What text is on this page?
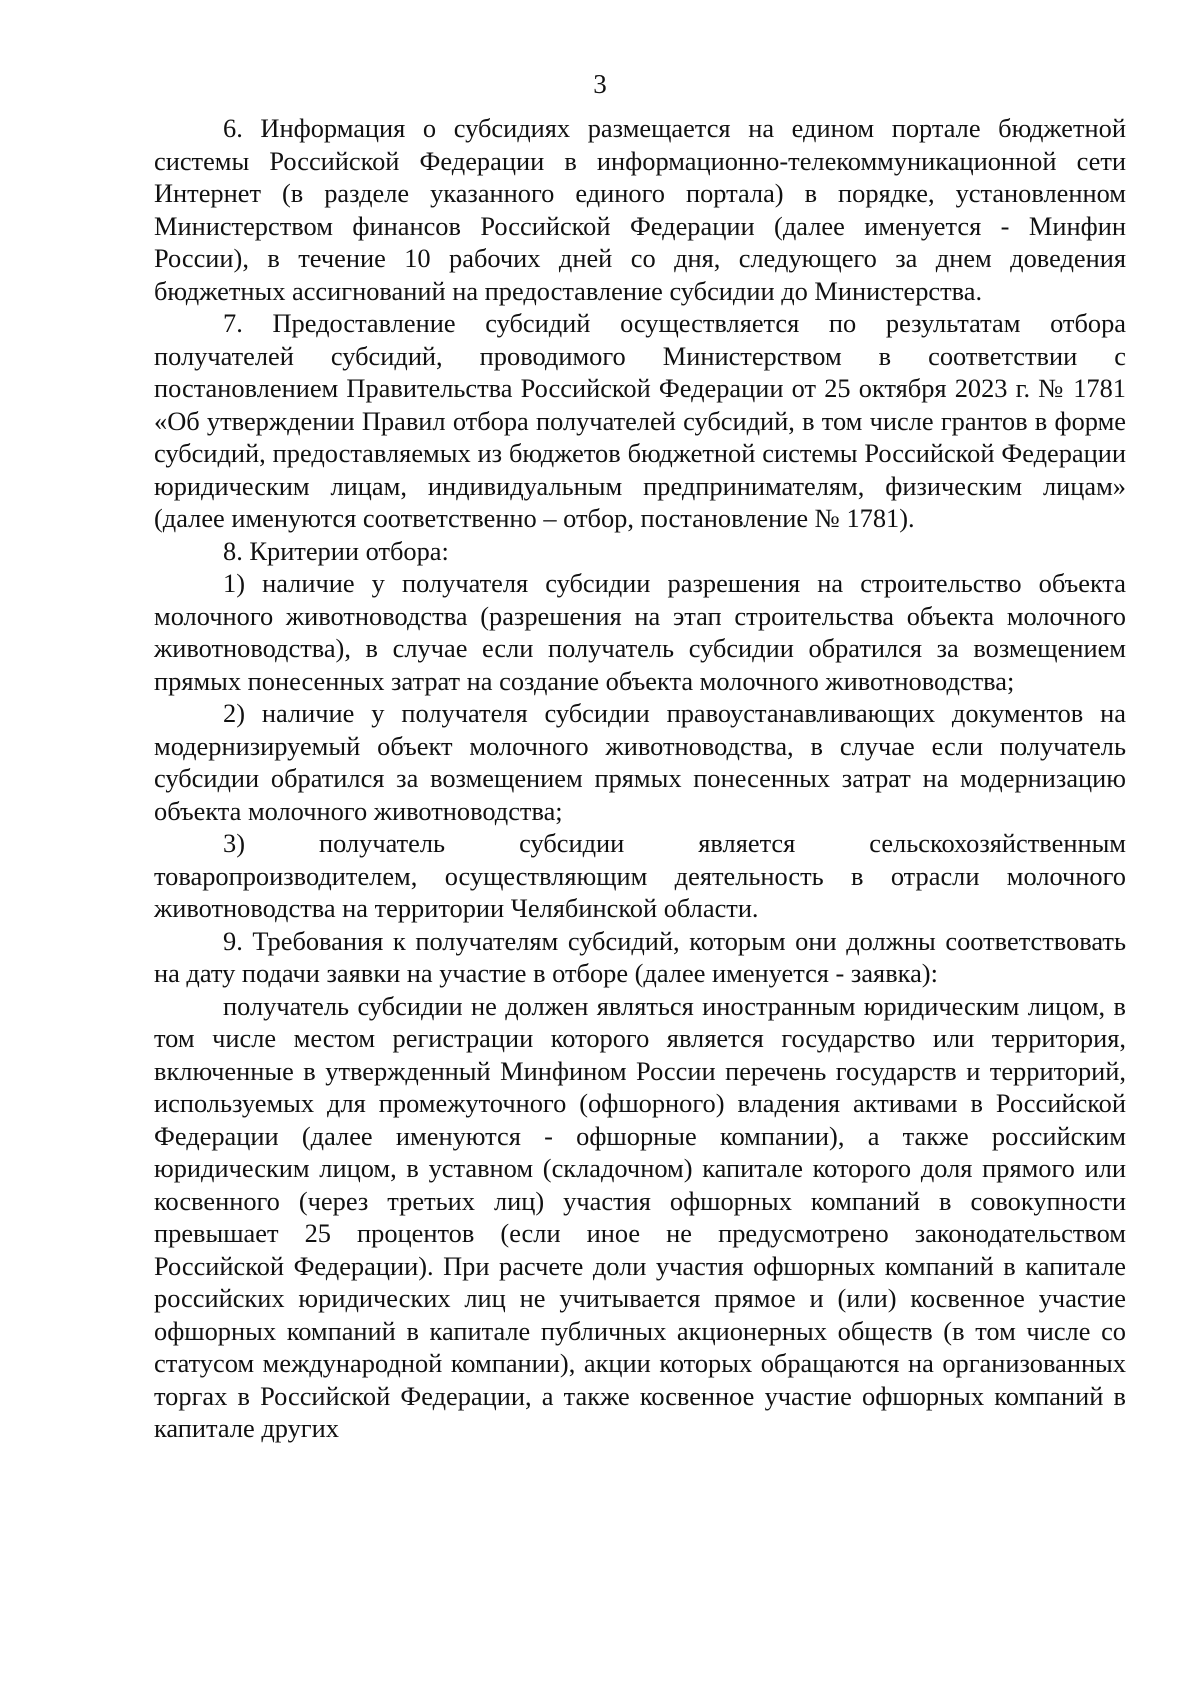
3

6. Информация о субсидиях размещается на едином портале бюджетной системы Российской Федерации в информационно-телекоммуникационной сети Интернет (в разделе указанного единого портала) в порядке, установленном Министерством финансов Российской Федерации (далее именуется - Минфин России), в течение 10 рабочих дней со дня, следующего за днем доведения бюджетных ассигнований на предоставление субсидии до Министерства.

7. Предоставление субсидий осуществляется по результатам отбора получателей субсидий, проводимого Министерством в соответствии с постановлением Правительства Российской Федерации от 25 октября 2023 г. № 1781 «Об утверждении Правил отбора получателей субсидий, в том числе грантов в форме субсидий, предоставляемых из бюджетов бюджетной системы Российской Федерации юридическим лицам, индивидуальным предпринимателям, физическим лицам» (далее именуются соответственно – отбор, постановление № 1781).

8. Критерии отбора:

1) наличие у получателя субсидии разрешения на строительство объекта молочного животноводства (разрешения на этап строительства объекта молочного животноводства), в случае если получатель субсидии обратился за возмещением прямых понесенных затрат на создание объекта молочного животноводства;

2) наличие у получателя субсидии правоустанавливающих документов на модернизируемый объект молочного животноводства, в случае если получатель субсидии обратился за возмещением прямых понесенных затрат на модернизацию объекта молочного животноводства;

3) получатель субсидии является сельскохозяйственным товаропроизводителем, осуществляющим деятельность в отрасли молочного животноводства на территории Челябинской области.

9. Требования к получателям субсидий, которым они должны соответствовать на дату подачи заявки на участие в отборе (далее именуется - заявка):

получатель субсидии не должен являться иностранным юридическим лицом, в том числе местом регистрации которого является государство или территория, включенные в утвержденный Минфином России перечень государств и территорий, используемых для промежуточного (офшорного) владения активами в Российской Федерации (далее именуются - офшорные компании), а также российским юридическим лицом, в уставном (складочном) капитале которого доля прямого или косвенного (через третьих лиц) участия офшорных компаний в совокупности превышает 25 процентов (если иное не предусмотрено законодательством Российской Федерации). При расчете доли участия офшорных компаний в капитале российских юридических лиц не учитывается прямое и (или) косвенное участие офшорных компаний в капитале публичных акционерных обществ (в том числе со статусом международной компании), акции которых обращаются на организованных торгах в Российской Федерации, а также косвенное участие офшорных компаний в капитале других
